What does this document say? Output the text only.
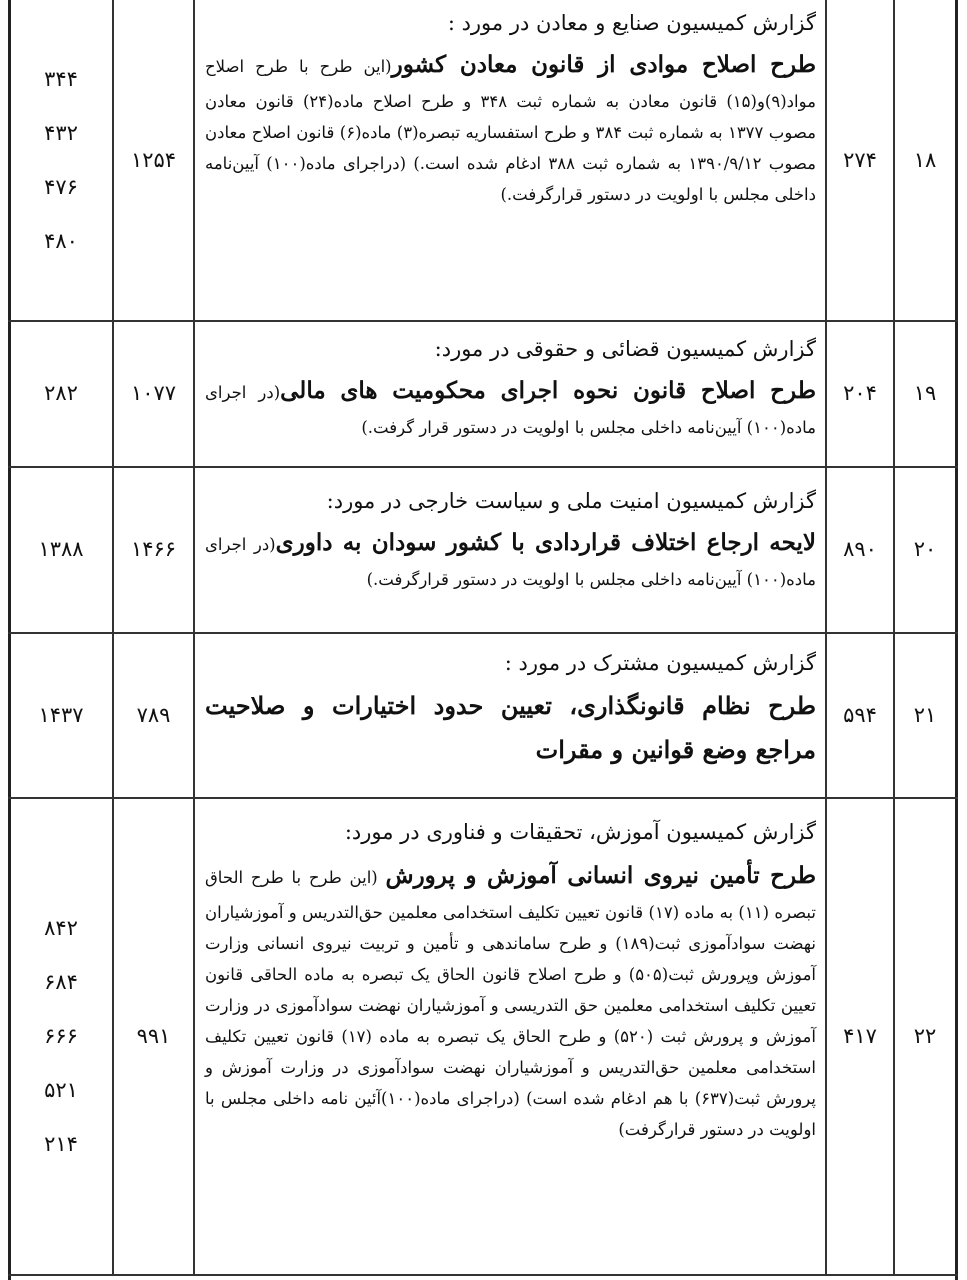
۱۸
۲۷۴
۱۲۵۴
۳۴۴
۴۳۲
۴۷۶
۴۸۰
گزارش کمیسیون صنایع و معادن در مورد :
طرح اصلاح موادی از قانون معادن کشور(این طرح با طرح اصلاح مواد(۹)و(۱۵) قانون معادن به شماره ثبت ۳۴۸ و طرح اصلاح ماده(۲۴) قانون معادن مصوب ۱۳۷۷ به شماره ثبت ۳۸۴ و طرح استفساریه تبصره(۳) ماده(۶) قانون اصلاح معادن مصوب ۱۳۹۰/۹/۱۲ به شماره ثبت ۳۸۸ ادغام شده است.) (دراجرای ماده(۱۰۰) آیین‌نامه داخلی مجلس با اولویت در دستور قرارگرفت.)
۱۹
۲۰۴
۱۰۷۷
۲۸۲
گزارش کمیسیون قضائی و حقوقی در مورد:
طرح اصلاح قانون نحوه اجرای محکومیت های مالی(در اجرای ماده(۱۰۰) آیین‌نامه داخلی مجلس با اولویت در دستور قرار گرفت.)
۲۰
۸۹۰
۱۴۶۶
۱۳۸۸
گزارش کمیسیون امنیت ملی و سیاست خارجی در مورد:
لایحه ارجاع اختلاف قراردادی با کشور سودان به داوری(در اجرای ماده(۱۰۰) آیین‌نامه داخلی مجلس با اولویت در دستور قرارگرفت.)
۲۱
۵۹۴
۷۸۹
۱۴۳۷
گزارش کمیسیون مشترک در مورد :
طرح نظام قانونگذاری، تعیین حدود اختیارات و صلاحیت مراجع وضع قوانین و مقرات
۲۲
۴۱۷
۹۹۱
۸۴۲
۶۸۴
۶۶۶
۵۲۱
۲۱۴
گزارش کمیسیون آموزش، تحقیقات و فناوری در مورد:
طرح تأمین نیروی انسانی آموزش و پرورش (این طرح با طرح الحاق تبصره (۱۱) به ماده (۱۷) قانون تعیین تکلیف استخدامی معلمین حق‌التدریس و آموزشیاران نهضت سوادآموزی ثبت(۱۸۹) و طرح ساماندهی و تأمین و تربیت نیروی انسانی وزارت آموزش وپرورش ثبت(۵۰۵) و طرح اصلاح قانون الحاق یک تبصره به ماده الحاقی قانون تعیین تکلیف استخدامی معلمین حق التدریسی و آموزشیاران نهضت سوادآموزی در وزارت آموزش و پرورش ثبت (۵۲۰) و طرح الحاق یک تبصره به ماده (۱۷) قانون تعیین تکلیف استخدامی معلمین حق‌التدریس و آموزشیاران نهضت سوادآموزی در وزارت آموزش و پرورش ثبت(۶۳۷) با هم ادغام شده است) (دراجرای ماده(۱۰۰)آئین نامه داخلی مجلس با اولویت در دستور قرارگرفت)
